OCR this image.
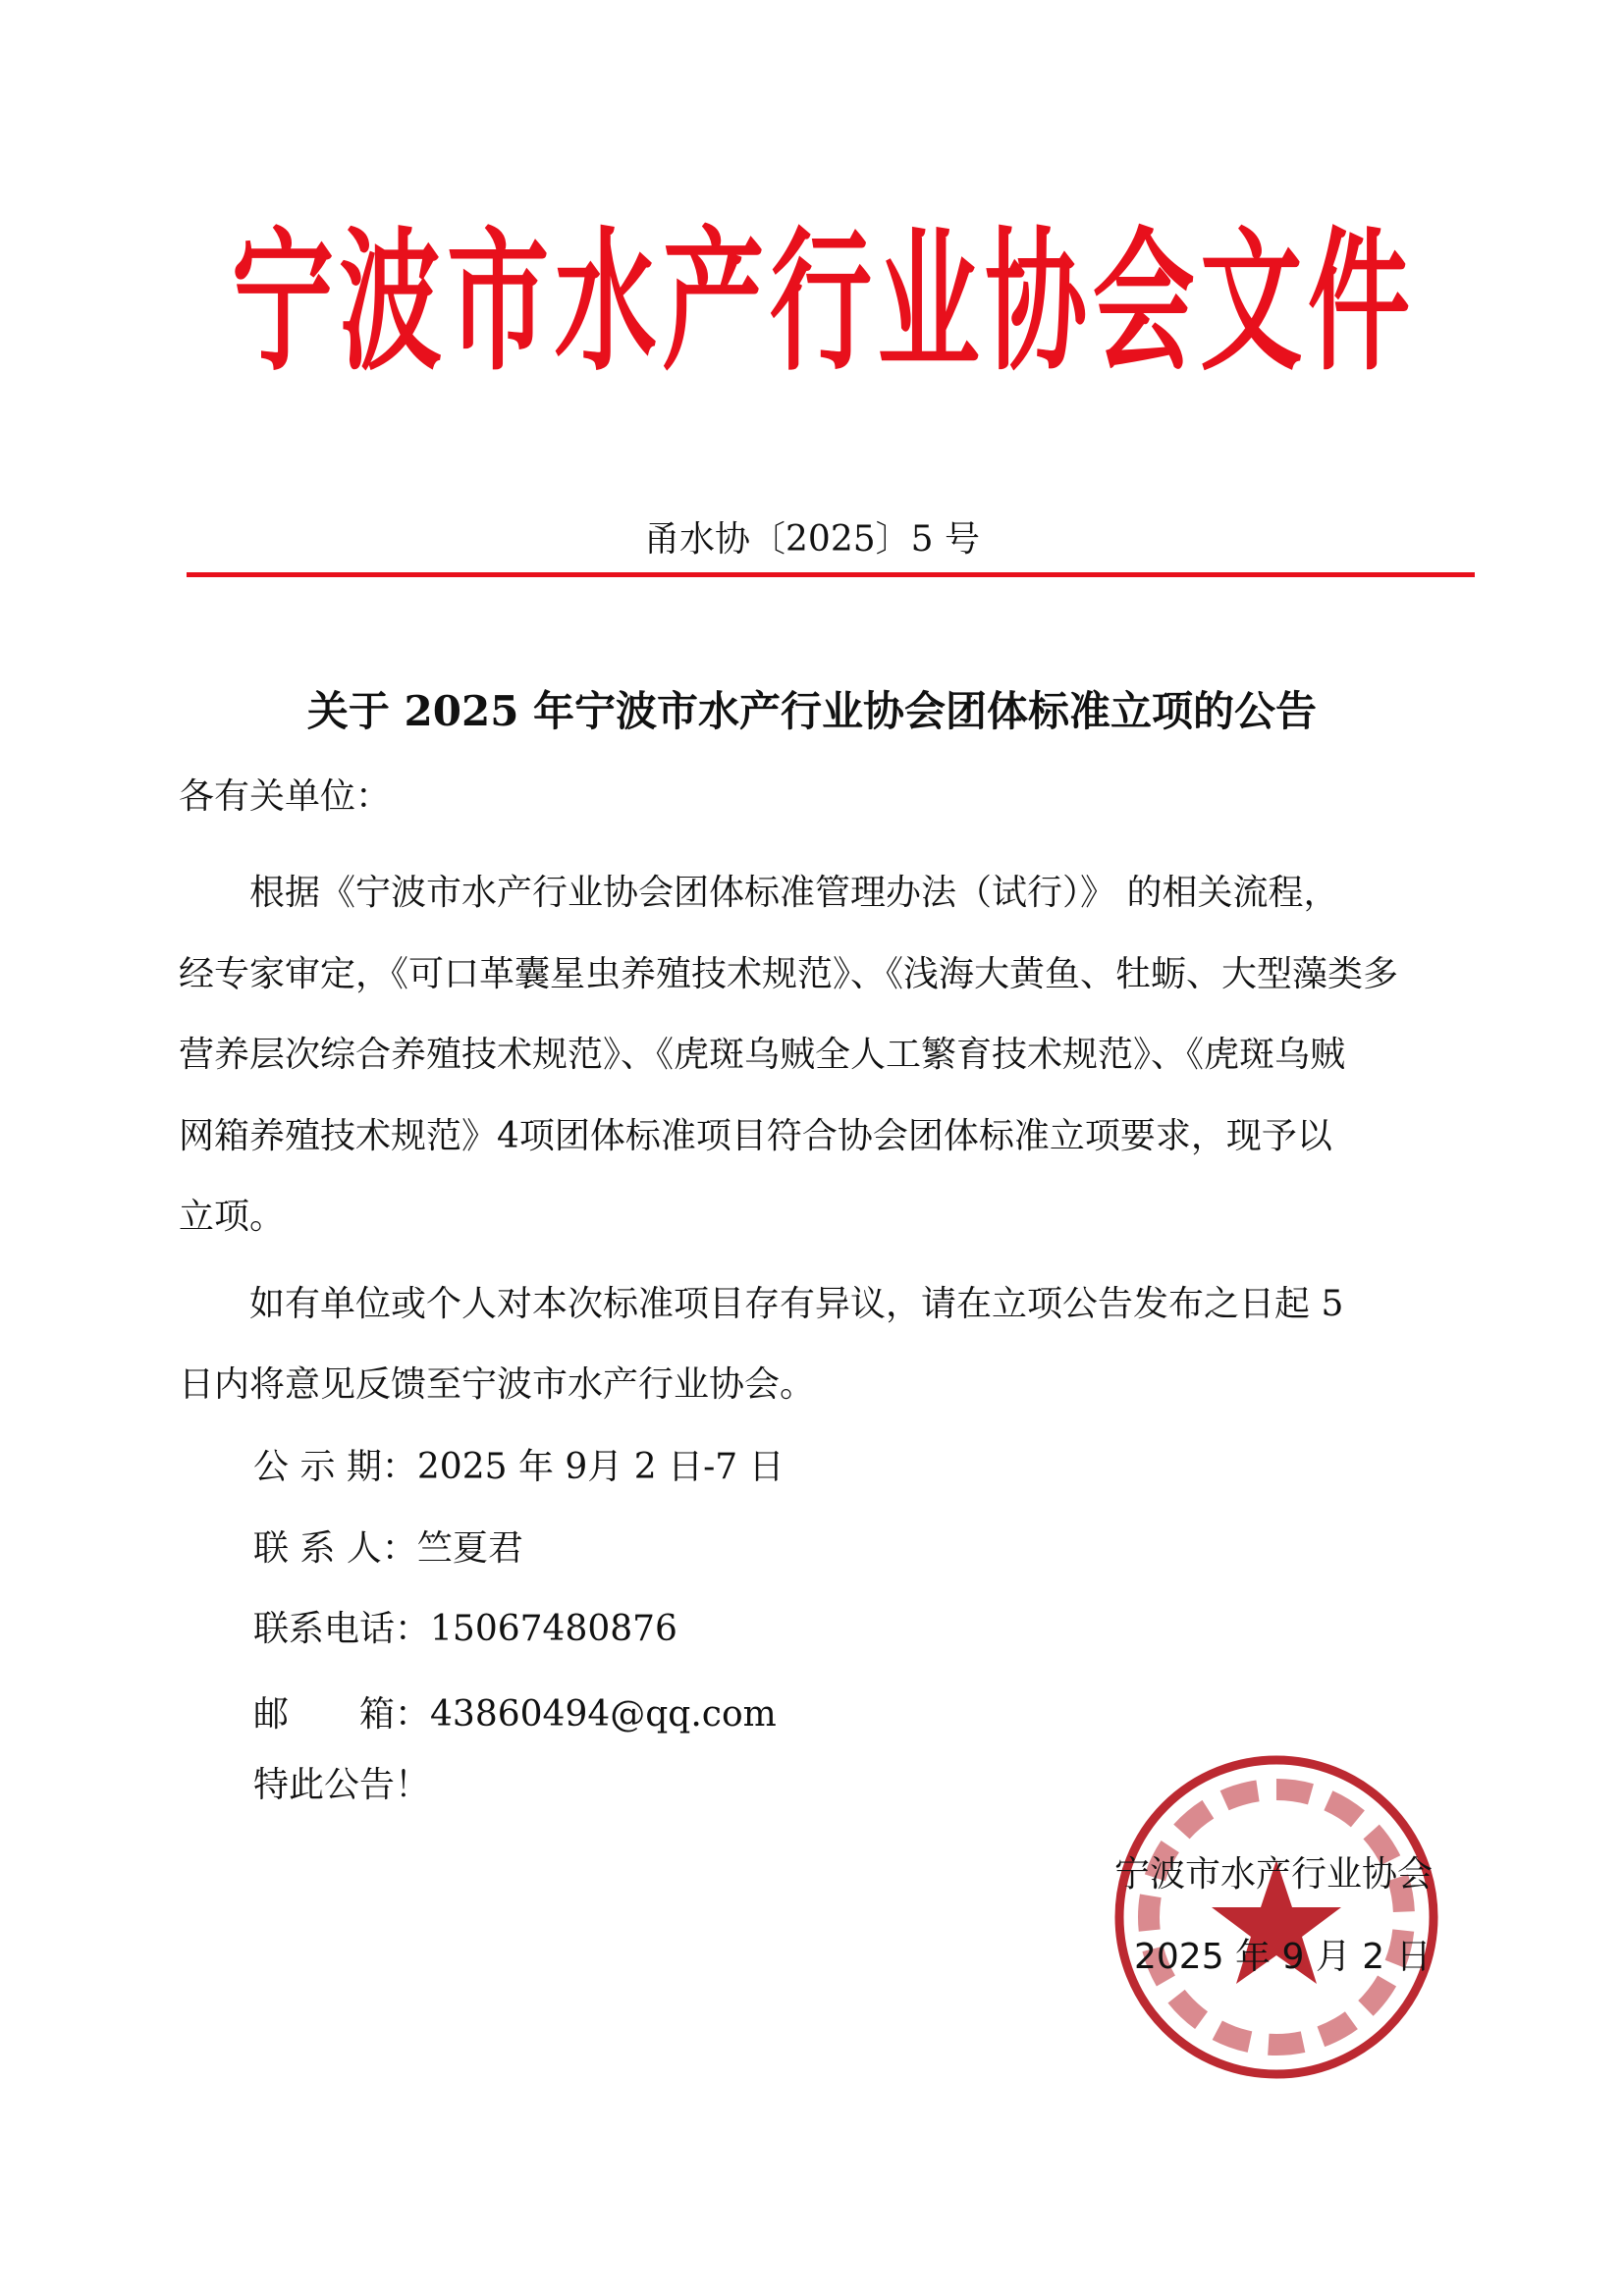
宁 波 市 水 产 行 业 协 会 文 件
甬水协〔2025〕5 号
关于 2025 年宁波市水产行业协会团体标准立项的公告
各有关单位：
　　根据《宁波市水产行业协会团体标准管理办法（试行）》 的相关流程，
经专家审定，《可口革囊星虫养殖技术规范》、《浅海大黄鱼、牡蛎、大型藻类多
营养层次综合养殖技术规范》、《虎斑乌贼全人工繁育技术规范》、《虎斑乌贼
网箱养殖技术规范》4项团体标准项目符合协会团体标准立项要求，现予以
立项。
　　如有单位或个人对本次标准项目存有异议，请在立项公告发布之日起 5
日内将意见反馈至宁波市水产行业协会。
公 示 期：2025 年 9月 2 日-7 日
联 系 人：竺夏君
联系电话：15067480876
邮　　箱：43860494@qq.com
特此公告！
宁波市水产行业协会
2025 年 9 月 2 日
